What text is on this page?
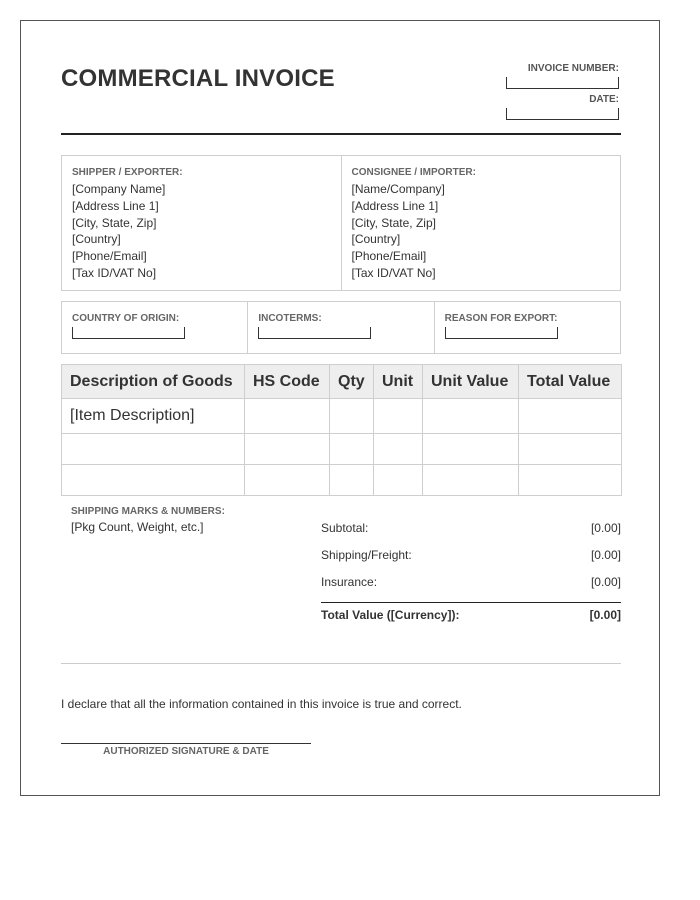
COMMERCIAL INVOICE	INVOICE NUMBER:
DATE:
SHIPPER / EXPORTER:
[Company Name]
[Address Line 1]
[City, State, Zip]
[Country]
[Phone/Email]
[Tax ID/VAT No]
CONSIGNEE / IMPORTER:
[Name/Company]
[Address Line 1]
[City, State, Zip]
[Country]
[Phone/Email]
[Tax ID/VAT No]
COUNTRY OF ORIGIN:	INCOTERMS:	REASON FOR EXPORT:
Description of Goods	HS Code	Qty	Unit	Unit Value	Total Value
[Item Description]					

SHIPPING MARKS & NUMBERS:
[Pkg Count, Weight, etc.]	Subtotal:	[0.00]
Shipping/Freight:	[0.00]
Insurance:	[0.00]
Total Value ([Currency]):	[0.00]
I declare that all the information contained in this invoice is true and correct.
AUTHORIZED SIGNATURE & DATE
